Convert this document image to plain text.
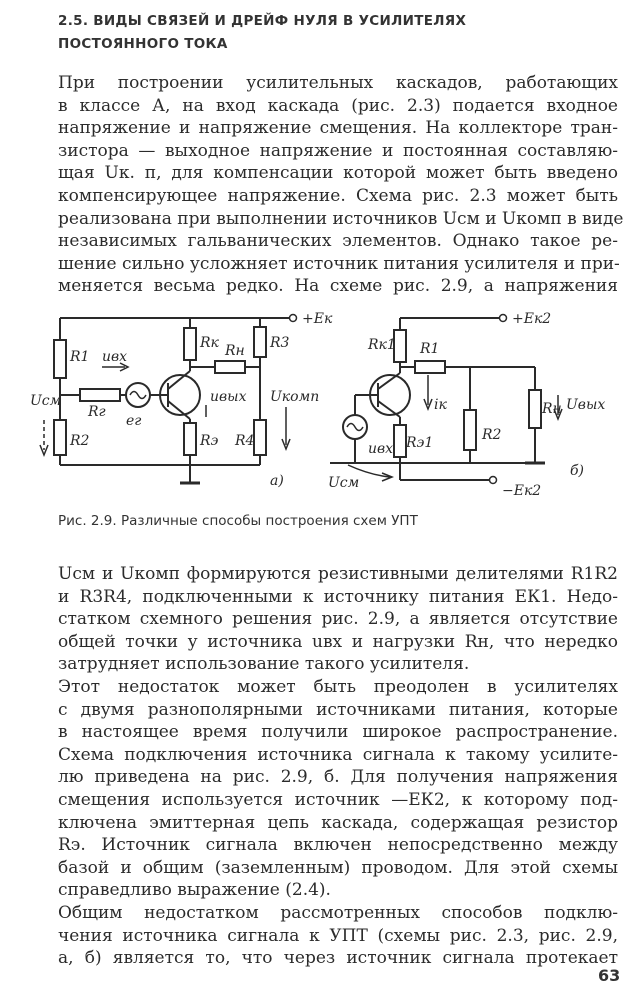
2.5. ВИДЫ СВЯЗЕЙ И ДРЕЙФ НУЛЯ В УСИЛИТЕЛЯХ
ПОСТОЯННОГО ТОКА
При построении усилительных каскадов, работающих
в классе А, на вход каскада (рис. 2.3) подается входное
напряжение и напряжение смещения. На коллекторе тран-
зистора — выходное напряжение и постоянная составляю-
щая Uк. п, для компенсации которой может быть введено
компенсирующее напряжение. Схема рис. 2.3 может быть
реализована при выполнении источников Uсм и Uкомп в виде
независимых гальванических элементов. Однако такое ре-
шение сильно усложняет источник питания усилителя и при-
меняется весьма редко. На схеме рис. 2.9, а напряжения
+Eк
R1
R2
Uсм
Rг
eг
uвх
Rк Rн R3
uвых
Rэ R4
Uкомп
а)
+Eк2
Rк1 R1
iк
R2
Rн Uвых
Rэ1
uвх
Uсм	−Eк2
б)
Рис. 2.9. Различные способы построения схем УПТ
Uсм и Uкомп формируются резистивными делителями R1R2
и R3R4, подключенными к источнику питания EК1. Недо-
статком схемного решения рис. 2.9, а является отсутствие
общей точки у источника uвх и нагрузки Rн, что нередко
затрудняет использование такого усилителя.
Этот недостаток может быть преодолен в усилителях
с двумя разнополярными источниками питания, которые
в настоящее время получили широкое распространение.
Схема подключения источника сигнала к такому усилите-
лю приведена на рис. 2.9, б. Для получения напряжения
смещения используется источник —EК2, к которому под-
ключена эмиттерная цепь каскада, содержащая резистор
Rэ. Источник сигнала включен непосредственно между
базой и общим (заземленным) проводом. Для этой схемы
справедливо выражение (2.4).
Общим недостатком рассмотренных способов подклю-
чения источника сигнала к УПТ (схемы рис. 2.3, рис. 2.9,
а, б) является то, что через источник сигнала протекает
63
